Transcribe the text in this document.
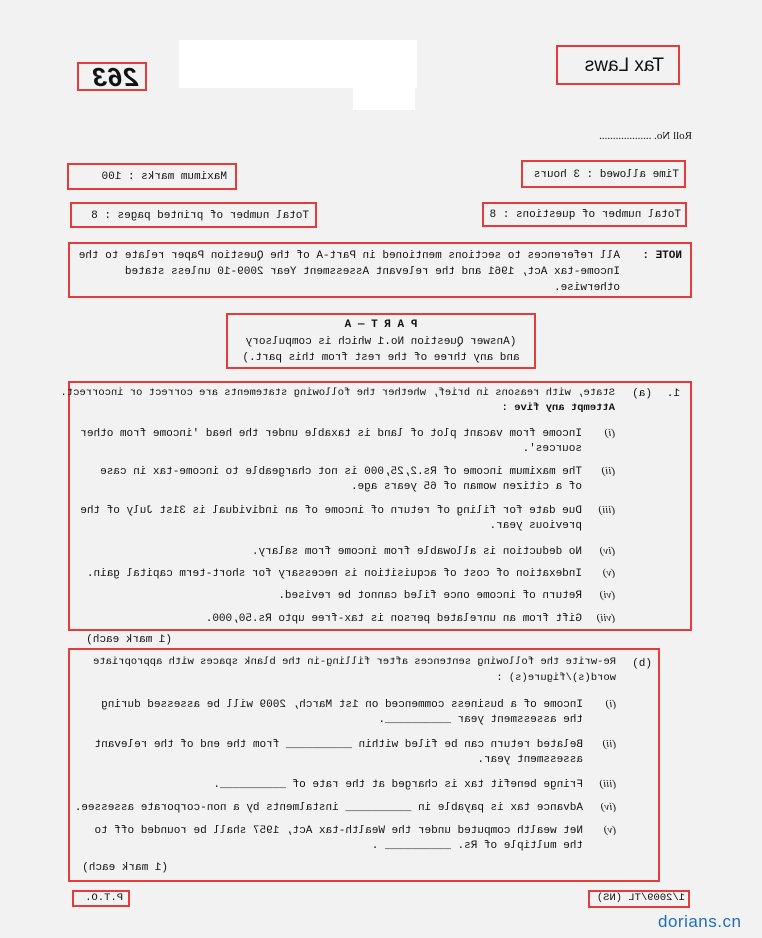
Tax Laws
263
Roll No. ...................
Time allowed : 3 hours
Maximum marks : 100
Total number of questions : 8
Total number of printed pages : 8
NOTE :
All references to sections mentioned in Part-A of the Question Paper relate to the
Income-tax Act, 1961 and the relevant Assessment Year 2009-10 unless stated
otherwise.
P A R T — A
(Answer Question No.1 which is compulsory
and any three of the rest from this part.)
1.
(a)
State, with reasons in brief, whether the following statements are correct or incorrect.
Attempt any five :
(i)
Income from vacant plot of land is taxable under the head 'income from other
sources'.
(ii)
The maximum income of Rs.2,25,000 is not chargeable to income-tax in case
of a citizen woman of 65 years age.
(iii)
Due date for filing of return of income of an individual is 31st July of the
previous year.
(iv)
No deduction is allowable from income from salary.
(v)
Indexation of cost of acquisition is necessary for short-term capital gain.
(vi)
Return of income once filed cannot be revised.
(vii)
Gift from an unrelated person is tax-free upto Rs.50,000.
(1 mark each)
(b)
Re-write the following sentences after filling-in the blank spaces with appropriate
word(s)/figure(s) :
(i)
Income of a business commenced on 1st March, 2009 will be assessed during
the assessment year __________.
(ii)
Belated return can be filed within __________ from the end of the relevant
assessment year.
(iii)
Fringe benefit tax is charged at the rate of __________.
(iv)
Advance tax is payable in __________ instalments by a non-corporate assessee.
(v)
Net wealth computed under the Wealth-tax Act, 1957 shall be rounded off to
the multiple of Rs. __________ .
(1 mark each)
1/2009/TL (NS)
P.T.O.
dorians.cn
